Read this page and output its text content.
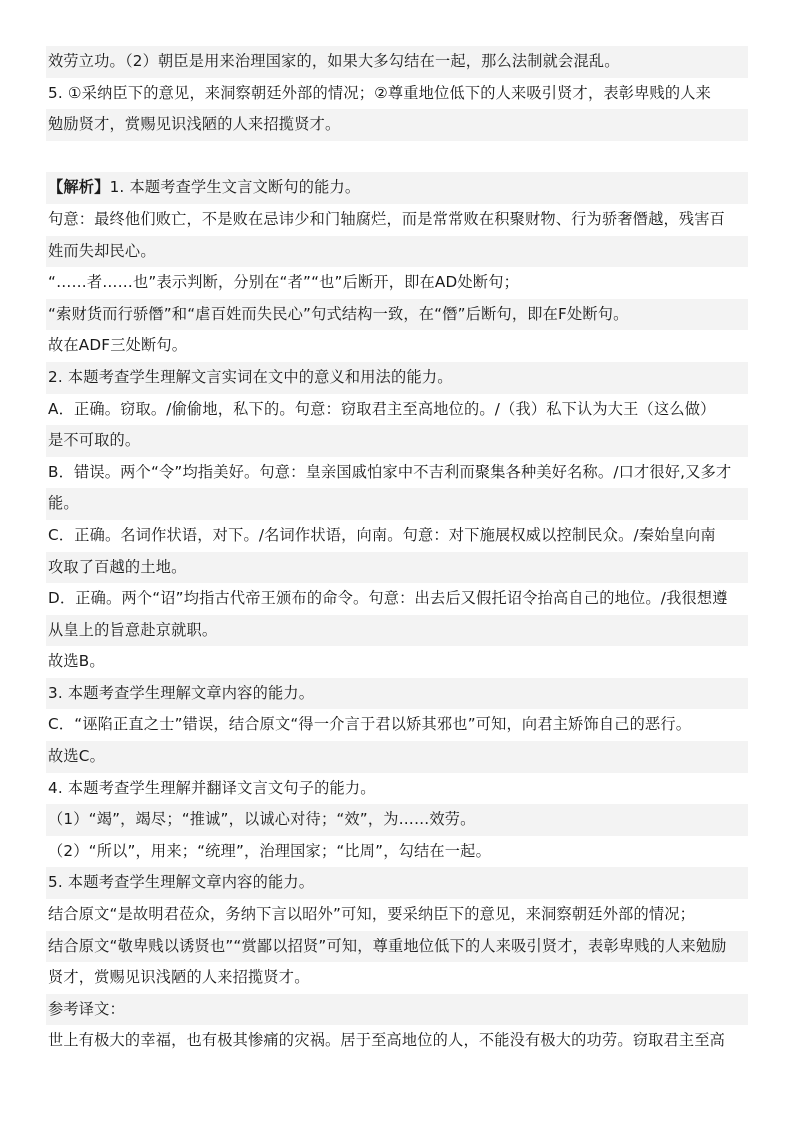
效劳立功。（2）朝臣是用来治理国家的，如果大多勾结在一起，那么法制就会混乱。
5. ①采纳臣下的意见，来洞察朝廷外部的情况；②尊重地位低下的人来吸引贤才，表彰卑贱的人来
勉励贤才，赏赐见识浅陋的人来招揽贤才。
【解析】1. 本题考查学生文言文断句的能力。
句意：最终他们败亡，不是败在忌讳少和门轴腐烂，而是常常败在积聚财物、行为骄奢僭越，残害百
姓而失却民心。
“……者……也”表示判断，分别在“者”“也”后断开，即在AD处断句；
“索财货而行骄僭”和“虐百姓而失民心”句式结构一致，在“僭”后断句，即在F处断句。
故在ADF三处断句。
2. 本题考查学生理解文言实词在文中的意义和用法的能力。
A．正确。窃取。/偷偷地，私下的。句意：窃取君主至高地位的。/（我）私下认为大王（这么做）
是不可取的。
B．错误。两个“令”均指美好。句意：皇亲国戚怕家中不吉利而聚集各种美好名称。/口才很好,又多才
能。
C．正确。名词作状语，对下。/名词作状语，向南。句意：对下施展权威以控制民众。/秦始皇向南
攻取了百越的土地。
D．正确。两个“诏”均指古代帝王颁布的命令。句意：出去后又假托诏令抬高自己的地位。/我很想遵
从皇上的旨意赴京就职。
故选B。
3. 本题考查学生理解文章内容的能力。
C．“诬陷正直之士”错误，结合原文“得一介言于君以矫其邪也”可知，向君主矫饰自己的恶行。
故选C。
4. 本题考查学生理解并翻译文言文句子的能力。
（1）“竭”，竭尽；“推诚”，以诚心对待；“效”，为……效劳。
（2）“所以”，用来；“统理”，治理国家；“比周”，勾结在一起。
5. 本题考查学生理解文章内容的能力。
结合原文“是故明君莅众，务纳下言以昭外”可知，要采纳臣下的意见，来洞察朝廷外部的情况；
结合原文“敬卑贱以诱贤也”“赏鄙以招贤”可知，尊重地位低下的人来吸引贤才，表彰卑贱的人来勉励
贤才，赏赐见识浅陋的人来招揽贤才。
参考译文：
世上有极大的幸福，也有极其惨痛的灾祸。居于至高地位的人，不能没有极大的功劳。窃取君主至高
